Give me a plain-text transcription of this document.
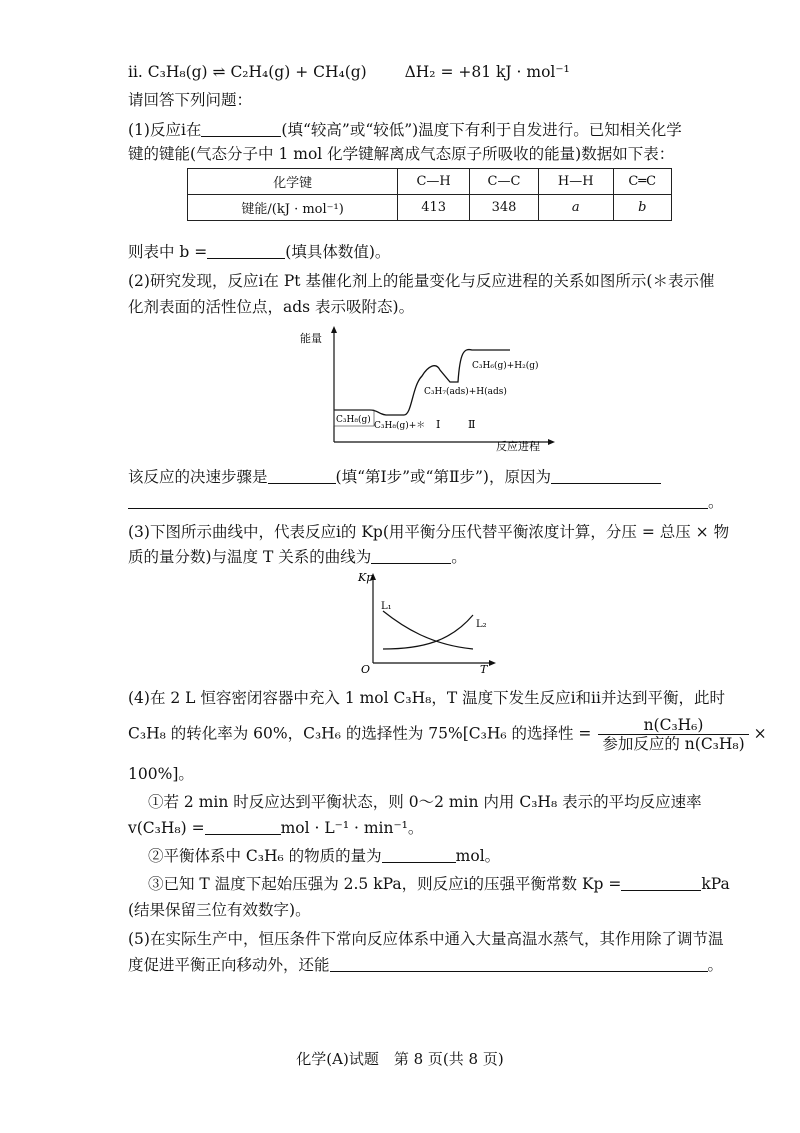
ⅱ. C₃H₈(g) ⇌ C₂H₄(g) + CH₄(g) ΔH₂ = +81 kJ · mol⁻¹
请回答下列问题：
(1)反应ⅰ在	(填“较高”或“较低”)温度下有利于自发进行。已知相关化学
键的键能(气态分子中 1 mol 化学键解离成气态原子所吸收的能量)数据如下表：
化学键	C—H	C—C	H—H	C═C
键能/(kJ · mol⁻¹)	413	348	a	b
则表中 b =	(填具体数值)。
(2)研究发现，反应ⅰ在 Pt 基催化剂上的能量变化与反应进程的关系如图所示(＊表示催
化剂表面的活性位点，ads 表示吸附态)。
能量
反应进程
C₃H₈(g)
C₃H₈(g)+＊
C₃H₇(ads)+H(ads)
C₃H₆(g)+H₂(g)
Ⅰ	Ⅱ
该反应的决速步骤是	(填“第Ⅰ步”或“第Ⅱ步”)，原因为
。
(3)下图所示曲线中，代表反应ⅰ的 Kp(用平衡分压代替平衡浓度计算，分压 = 总压 × 物
质的量分数)与温度 T 关系的曲线为	。
Kp
T
O
L₁
L₂
(4)在 2 L 恒容密闭容器中充入 1 mol C₃H₈，T 温度下发生反应ⅰ和ⅱ并达到平衡，此时
C₃H₈ 的转化率为 60%，C₃H₆ 的选择性为 75%[C₃H₆ 的选择性 =	n(C₃H₆)
参加反应的 n(C₃H₈)
×
100%]。
①若 2 min 时反应达到平衡状态，则 0～2 min 内用 C₃H₈ 表示的平均反应速率
v(C₃H₈) =	mol · L⁻¹ · min⁻¹。
②平衡体系中 C₃H₆ 的物质的量为	mol。
③已知 T 温度下起始压强为 2.5 kPa，则反应ⅰ的压强平衡常数 Kp =	kPa
(结果保留三位有效数字)。
(5)在实际生产中，恒压条件下常向反应体系中通入大量高温水蒸气，其作用除了调节温
度促进平衡正向移动外，还能	。
化学(A)试题　第 8 页(共 8 页)
